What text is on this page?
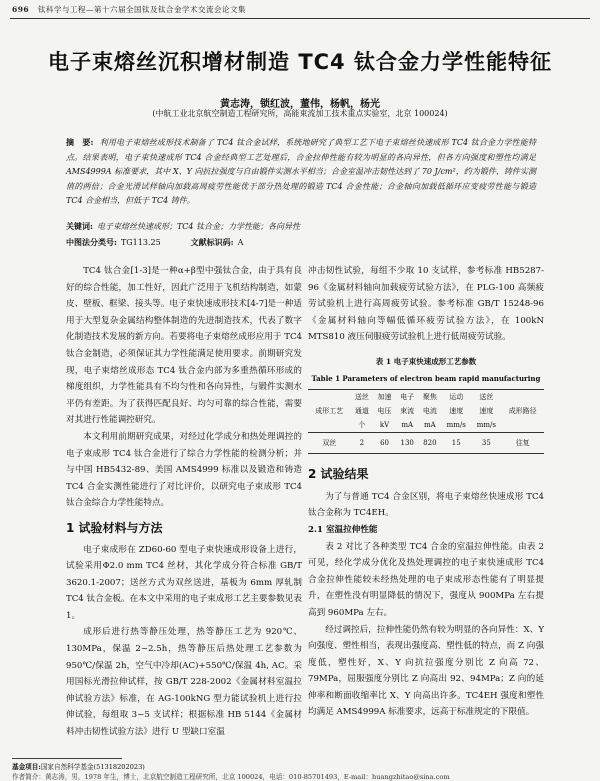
696 钛科学与工程—第十六届全国钛及钛合金学术交流会论文集
电子束熔丝沉积增材制造 TC4 钛合金力学性能特征
黄志涛，锁红波，董伟，杨帆，杨光
(中航工业北京航空制造工程研究所，高能束流加工技术重点实验室，北京 100024)
摘　要: 利用电子束熔丝成形技术制备了 TC4 钛合金试样，系统地研究了典型工艺下电子束熔丝快速成形 TC4 钛合金力学性能特点。结果表明，电子束快速成形 TC4 合金经典型工艺处理后，合金拉伸性能有较为明显的各向异性，但各方向强度和塑性均满足 AMS4999A 标准要求，其中 X、Y 向抗拉强度与自由锻件实测水平相当；合金室温冲击韧性达到了 70 J/cm²，约为锻件、铸件实测值的两倍；合金光滑试样轴向加载高周疲劳性能优于部分热处理的锻造 TC4 合金性能；合金轴向加载低循环应变疲劳性能与锻造 TC4 合金相当，但低于 TC4 铸件。
关键词: 电子束熔丝快速成形；TC4 钛合金；力学性能；各向异性
中图法分类号: TG113.25	文献标识码: A

TC4 钛合金[1-3]是一种α+β型中强钛合金，由于具有良好的综合性能，加工性好，因此广泛用于飞机结构制造，如蒙皮、壁板、框梁、接头等。电子束快速成形技术[4-7]是一种适用于大型复杂金属结构整体制造的先进制造技术，代表了数字化制造技术发展的新方向。若要将电子束熔丝成形应用于 TC4 钛合金制造，必须保证其力学性能满足使用要求。前期研究发现，电子束熔丝成形态 TC4 钛合金内部为多重热循环形成的梯度组织，力学性能具有不均匀性和各向异性，与锻件实测水平仍有差距。为了获得匹配良好、均匀可靠的综合性能，需要对其进行性能调控研究。

本文利用前期研究成果，对经过化学成分和热处理调控的电子束成形 TC4 钛合金进行了综合力学性能的检测分析；并与中国 HB5432-89、美国 AMS4999 标准以及锻造和铸造 TC4 合金实测性能进行了对比评价，以研究电子束成形 TC4 钛合金综合力学性能特点。

1 试验材料与方法

电子束成形在 ZD60-60 型电子束快速成形设备上进行，试验采用Φ2.0 mm TC4 丝材，其化学成分符合标准 GB/T 3620.1-2007；送丝方式为双丝送进，基板为 6mm 厚轧制 TC4 钛合金板。在本文中采用的电子束成形工艺主要参数见表 1。

成形后进行热等静压处理，热等静压工艺为 920℃、130MPa，保温 2~2.5h，热等静压后热处理工艺参数为 950℃/保温 2h，空气中冷却(AC)+550℃/保温 4h, AC。采用国标光滑拉伸试样，按 GB/T 228-2002《金属材料室温拉伸试验方法》标准，在 AG-100kNG 型力能试验机上进行拉伸试验，每组取 3~5 支试样；根据标准 HB 5144《金属材料冲击韧性试验方法》进行 U 型缺口室温

冲击韧性试验，每组不少取 10 支试样，参考标准 HB5287-96《金属材料轴向加载疲劳试验方法》，在 PLG-100 高频疲劳试验机上进行高周疲劳试验。参考标准 GB/T 15248-96《金属材料轴向等幅低循环疲劳试验方法》，在 100kN MTS810 液压伺服疲劳试验机上进行低周疲劳试验。

表 1 电子束快速成形工艺参数
Table 1 Parameters of electron beam rapid manufacturing
成形工艺	送丝	加速	电子	聚焦	运动	送丝	成形路径
	通道	电压	束流	电流	速度	速度	
	个	kV	mA	mA	mm/s	mm/s	
双丝	2	60	130	820	15	35	往复
2 试验结果

为了与普通 TC4 合金区别，将电子束熔丝快速成形 TC4 钛合金称为 TC4EH。

2.1 室温拉伸性能

表 2 对比了各种类型 TC4 合金的室温拉伸性能。由表 2 可见，经化学成分优化及热处理调控的电子束快速成形 TC4 合金拉伸性能较未经热处理的电子束成形态性能有了明显提升，在塑性没有明显降低的情况下，强度从 900MPa 左右提高到 960MPa 左右。

经过调控后，拉伸性能仍然有较为明显的各向异性：X、Y 向强度、塑性相当，表现出强度高、塑性低的特点，而 Z 向强度低，塑性好，X、Y 向抗拉强度分别比 Z 向高 72、79MPa，屈服强度分别比 Z 向高出 92、94MPa；Z 向的延伸率和断面收缩率比 X、Y 向高出许多。TC4EH 强度和塑性均满足 AMS4999A 标准要求，远高于标准规定的下限值。

基金项目:国家自然科学基金(51318202023)
作者简介：黄志涛，男，1978 年生，博士，北京航空制造工程研究所，北京 100024，电话：010-85701493，E-mail：huangzhitao@sina.com
